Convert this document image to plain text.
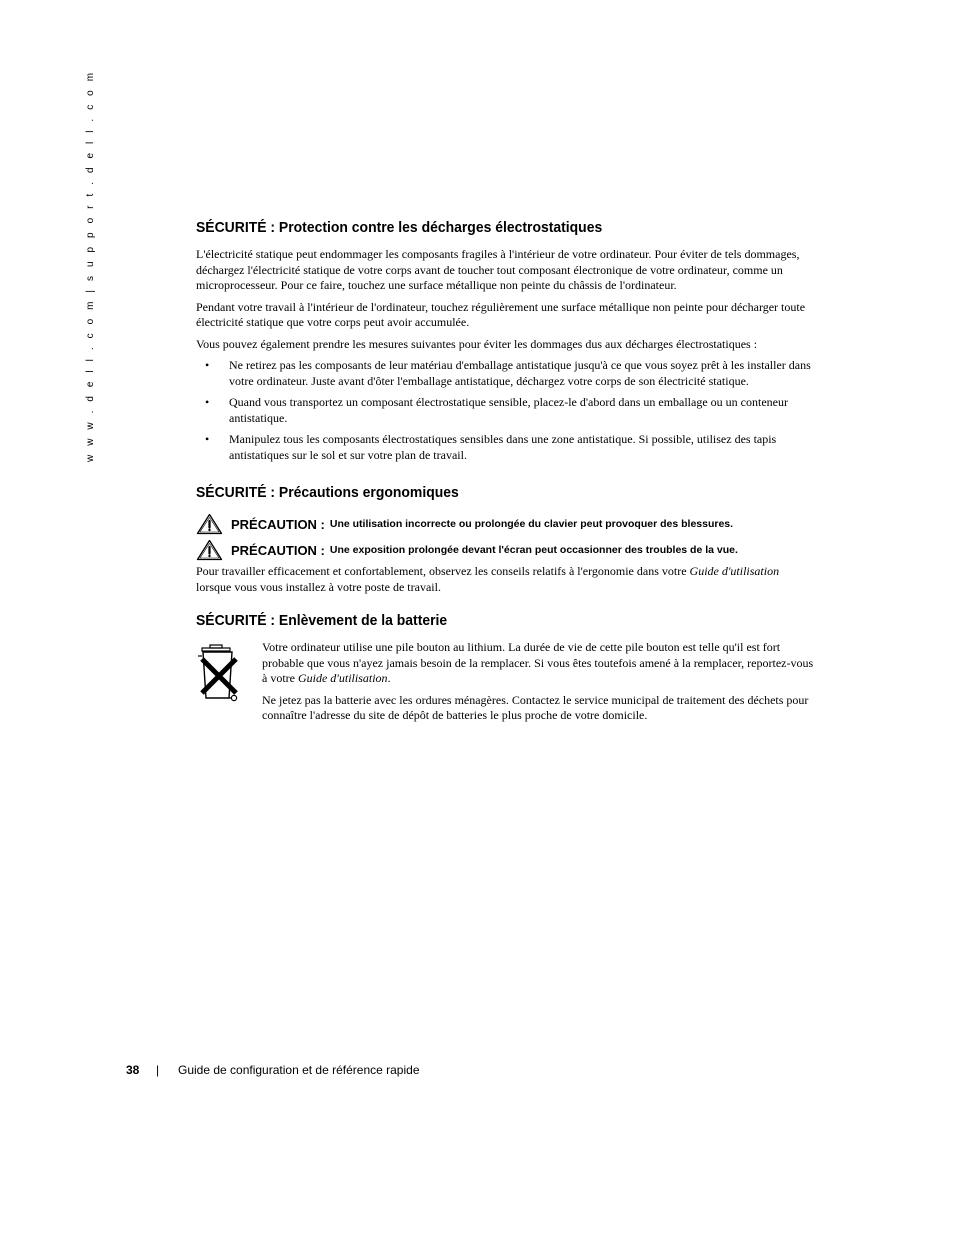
w w w . d e l l . c o m | s u p p o r t . d e l l . c o m	SÉCURITÉ : Protection contre les décharges électrostatiques

L'électricité statique peut endommager les composants fragiles à l'intérieur de votre ordinateur. Pour éviter de tels dommages, déchargez l'électricité statique de votre corps avant de toucher tout composant électronique de votre ordinateur, comme un microprocesseur. Pour ce faire, touchez une surface métallique non peinte du châssis de l'ordinateur.

Pendant votre travail à l'intérieur de l'ordinateur, touchez régulièrement une surface métallique non peinte pour décharger toute électricité statique que votre corps peut avoir accumulée.

Vous pouvez également prendre les mesures suivantes pour éviter les dommages dus aux décharges électrostatiques :

• Ne retirez pas les composants de leur matériau d'emballage antistatique jusqu'à ce que vous soyez prêt à les installer dans votre ordinateur. Juste avant d'ôter l'emballage antistatique, déchargez votre corps de son électricité statique.
• Quand vous transportez un composant électrostatique sensible, placez-le d'abord dans un emballage ou un conteneur antistatique.
• Manipulez tous les composants électrostatiques sensibles dans une zone antistatique. Si possible, utilisez des tapis antistatiques sur le sol et sur votre plan de travail.
SÉCURITÉ : Précautions ergonomiques
PRÉCAUTION : Une utilisation incorrecte ou prolongée du clavier peut provoquer des blessures.
PRÉCAUTION : Une exposition prolongée devant l'écran peut occasionner des troubles de la vue.

Pour travailler efficacement et confortablement, observez les conseils relatifs à l'ergonomie dans votre Guide d'utilisation lorsque vous vous installez à votre poste de travail.

SÉCURITÉ : Enlèvement de la batterie

Votre ordinateur utilise une pile bouton au lithium. La durée de vie de cette pile bouton est telle qu'il est fort probable que vous n'ayez jamais besoin de la remplacer. Si vous êtes toutefois amené à la remplacer, reportez-vous à votre Guide d'utilisation.

Ne jetez pas la batterie avec les ordures ménagères. Contactez le service municipal de traitement des déchets pour connaître l'adresse du site de dépôt de batteries le plus proche de votre domicile.

38 | Guide de configuration et de référence rapide
